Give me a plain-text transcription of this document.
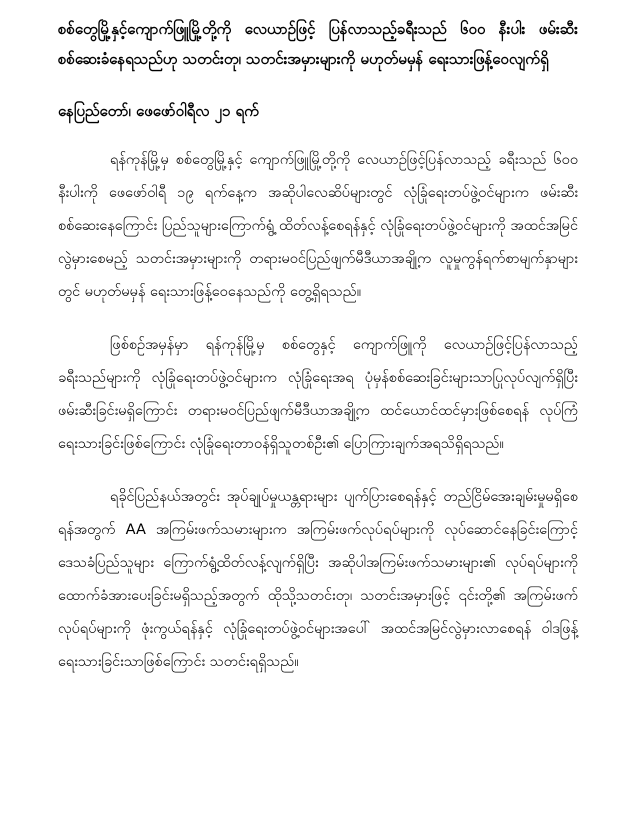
စစ်တွေမြို့နှင့်ကျောက်ဖြူမြို့တို့ကို လေယာဉ်ဖြင့် ပြန်လာသည့်ခရီးသည် ၆၀၀ နီးပါး ဖမ်းဆီးစစ်ဆေးခံနေရသည်ဟု သတင်းတု၊ သတင်းအမှားများကို မဟုတ်မမှန် ရေးသားဖြန့်ဝေလျက်ရှိ

နေပြည်တော်၊ ဖေဖော်ဝါရီလ ၂၁ ရက်

ရန်ကုန်မြို့မှ စစ်တွေမြို့နှင့် ကျောက်ဖြူမြို့တို့ကို လေယာဉ်ဖြင့်ပြန်လာသည့် ခရီးသည် ၆၀၀ နီးပါးကို ဖေဖော်ဝါရီ ၁၉ ရက်နေ့က အဆိုပါလေဆိပ်များတွင် လုံခြုံရေးတပ်ဖွဲ့ဝင်များက ဖမ်းဆီးစစ်ဆေးနေကြောင်း ပြည်သူများကြောက်ရွံ့ ထိတ်လန့်စေရန်နှင့် လုံခြုံရေးတပ်ဖွဲ့ဝင်များကို အထင်အမြင်လွဲမှားစေမည့် သတင်းအမှားများကို တရားမဝင်ပြည်ဖျက်မီဒီယာအချို့က လူမှုကွန်ရက်စာမျက်နှာများတွင် မဟုတ်မမှန် ရေးသားဖြန့်ဝေနေသည်ကို တွေ့ရှိရသည်။

ဖြစ်စဉ်အမှန်မှာ ရန်ကုန်မြို့မှ စစ်တွေနှင့် ကျောက်ဖြူကို လေယာဉ်ဖြင့်ပြန်လာသည့် ခရီးသည်များကို လုံခြုံရေးတပ်ဖွဲ့ဝင်များက လုံခြုံရေးအရ ပုံမှန်စစ်ဆေးခြင်းများသာပြုလုပ်လျက်ရှိပြီး ဖမ်းဆီးခြင်းမရှိကြောင်း တရားမဝင်ပြည်ဖျက်မီဒီယာအချို့က ထင်ယောင်ထင်မှားဖြစ်စေရန် လုပ်ကြံရေးသားခြင်းဖြစ်ကြောင်း လုံခြုံရေးတာဝန်ရှိသူတစ်ဦး၏ ပြောကြားချက်အရသိရှိရသည်။

ရခိုင်ပြည်နယ်အတွင်း အုပ်ချုပ်မှုယန္တရားများ ပျက်ပြားစေရန်နှင့် တည်ငြိမ်အေးချမ်းမှုမရှိစေရန်အတွက် AA အကြမ်းဖက်သမားများက အကြမ်းဖက်လုပ်ရပ်များကို လုပ်ဆောင်နေခြင်းကြောင့် ဒေသခံပြည်သူများ ကြောက်ရွံ့ထိတ်လန့်လျက်ရှိပြီး အဆိုပါအကြမ်းဖက်သမားများ၏ လုပ်ရပ်များကို ထောက်ခံအားပေးခြင်းမရှိသည့်အတွက် ထိုသို့သတင်းတု၊ သတင်းအမှားဖြင့် ၎င်းတို့၏ အကြမ်းဖက်လုပ်ရပ်များကို ဖုံးကွယ်ရန်နှင့် လုံခြုံရေးတပ်ဖွဲ့ဝင်များအပေါ် အထင်အမြင်လွဲမှားလာစေရန် ဝါဒဖြန့်ရေးသားခြင်းသာဖြစ်ကြောင်း သတင်းရရှိသည်။
